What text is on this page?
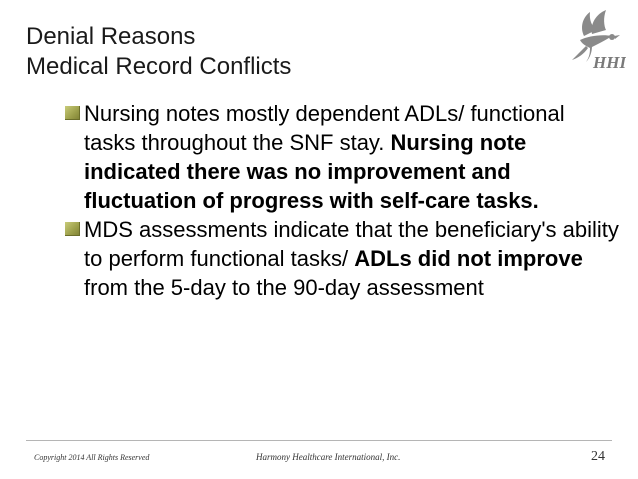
Denial Reasons
Medical Record Conflicts	HHI
Nursing notes mostly dependent ADLs/ functional tasks throughout the SNF stay. Nursing note indicated there was no improvement and fluctuation of progress with self-care tasks.
MDS assessments indicate that the beneficiary's ability to perform functional tasks/ ADLs did not improve from the 5-day to the 90-day assessment
Copyright 2014 All Rights Reserved	Harmony Healthcare International, Inc.	24
